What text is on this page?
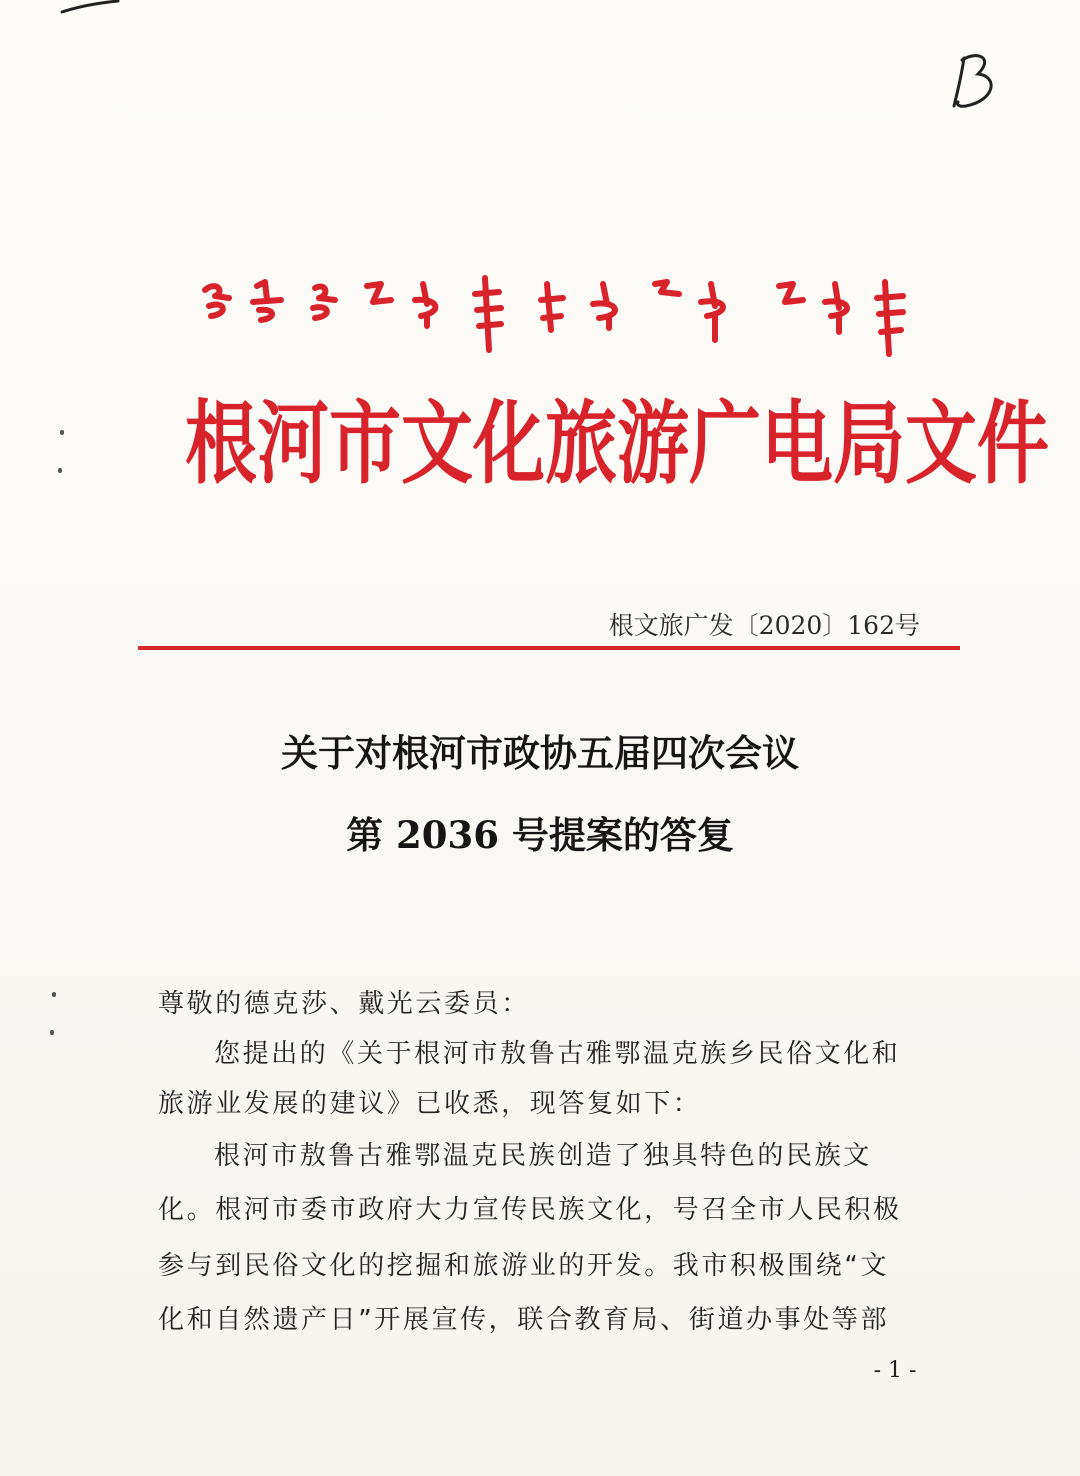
根河市文化旅游广电局文件
根文旅广发〔2020〕162号
关于对根河市政协五届四次会议
第 2036 号提案的答复
尊敬的德克莎、戴光云委员：
您提出的《关于根河市敖鲁古雅鄂温克族乡民俗文化和
旅游业发展的建议》已收悉，现答复如下：
根河市敖鲁古雅鄂温克民族创造了独具特色的民族文
化。根河市委市政府大力宣传民族文化，号召全市人民积极
参与到民俗文化的挖掘和旅游业的开发。我市积极围绕“文
化和自然遗产日”开展宣传，联合教育局、街道办事处等部
- 1 -
